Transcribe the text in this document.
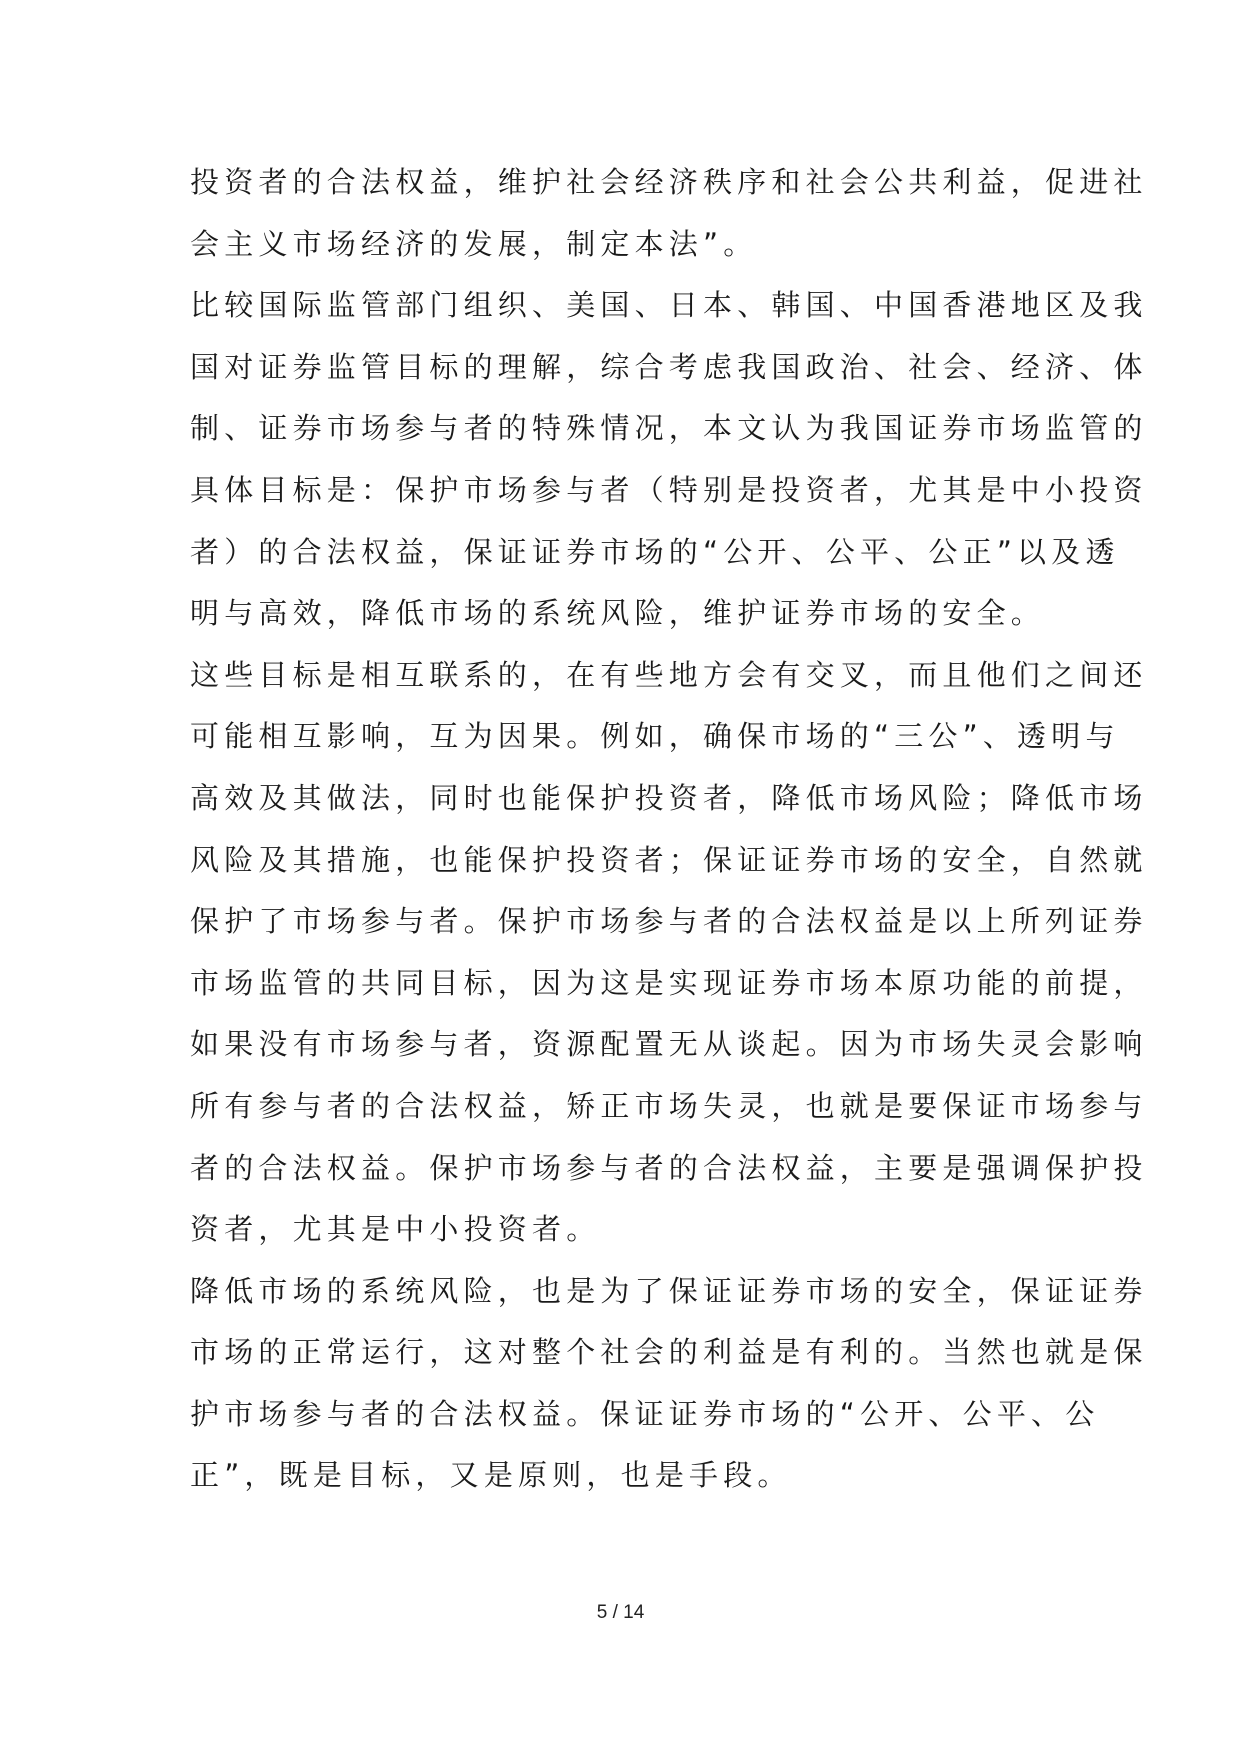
投资者的合法权益，维护社会经济秩序和社会公共利益，促进社
会主义市场经济的发展，制定本法”。
比较国际监管部门组织、美国、日本、韩国、中国香港地区及我
国对证券监管目标的理解，综合考虑我国政治、社会、经济、体
制、证券市场参与者的特殊情况，本文认为我国证券市场监管的
具体目标是：保护市场参与者（特别是投资者，尤其是中小投资
者）的合法权益，保证证券市场的“公开、公平、公正”以及透
明与高效，降低市场的系统风险，维护证券市场的安全。
这些目标是相互联系的，在有些地方会有交叉，而且他们之间还
可能相互影响，互为因果。例如，确保市场的“三公”、透明与
高效及其做法，同时也能保护投资者，降低市场风险；降低市场
风险及其措施，也能保护投资者；保证证券市场的安全，自然就
保护了市场参与者。保护市场参与者的合法权益是以上所列证券
市场监管的共同目标，因为这是实现证券市场本原功能的前提，
如果没有市场参与者，资源配置无从谈起。因为市场失灵会影响
所有参与者的合法权益，矫正市场失灵，也就是要保证市场参与
者的合法权益。保护市场参与者的合法权益，主要是强调保护投
资者，尤其是中小投资者。
降低市场的系统风险，也是为了保证证券市场的安全，保证证券
市场的正常运行，这对整个社会的利益是有利的。当然也就是保
护市场参与者的合法权益。保证证券市场的“公开、公平、公
正”，既是目标，又是原则，也是手段。
5 / 14
